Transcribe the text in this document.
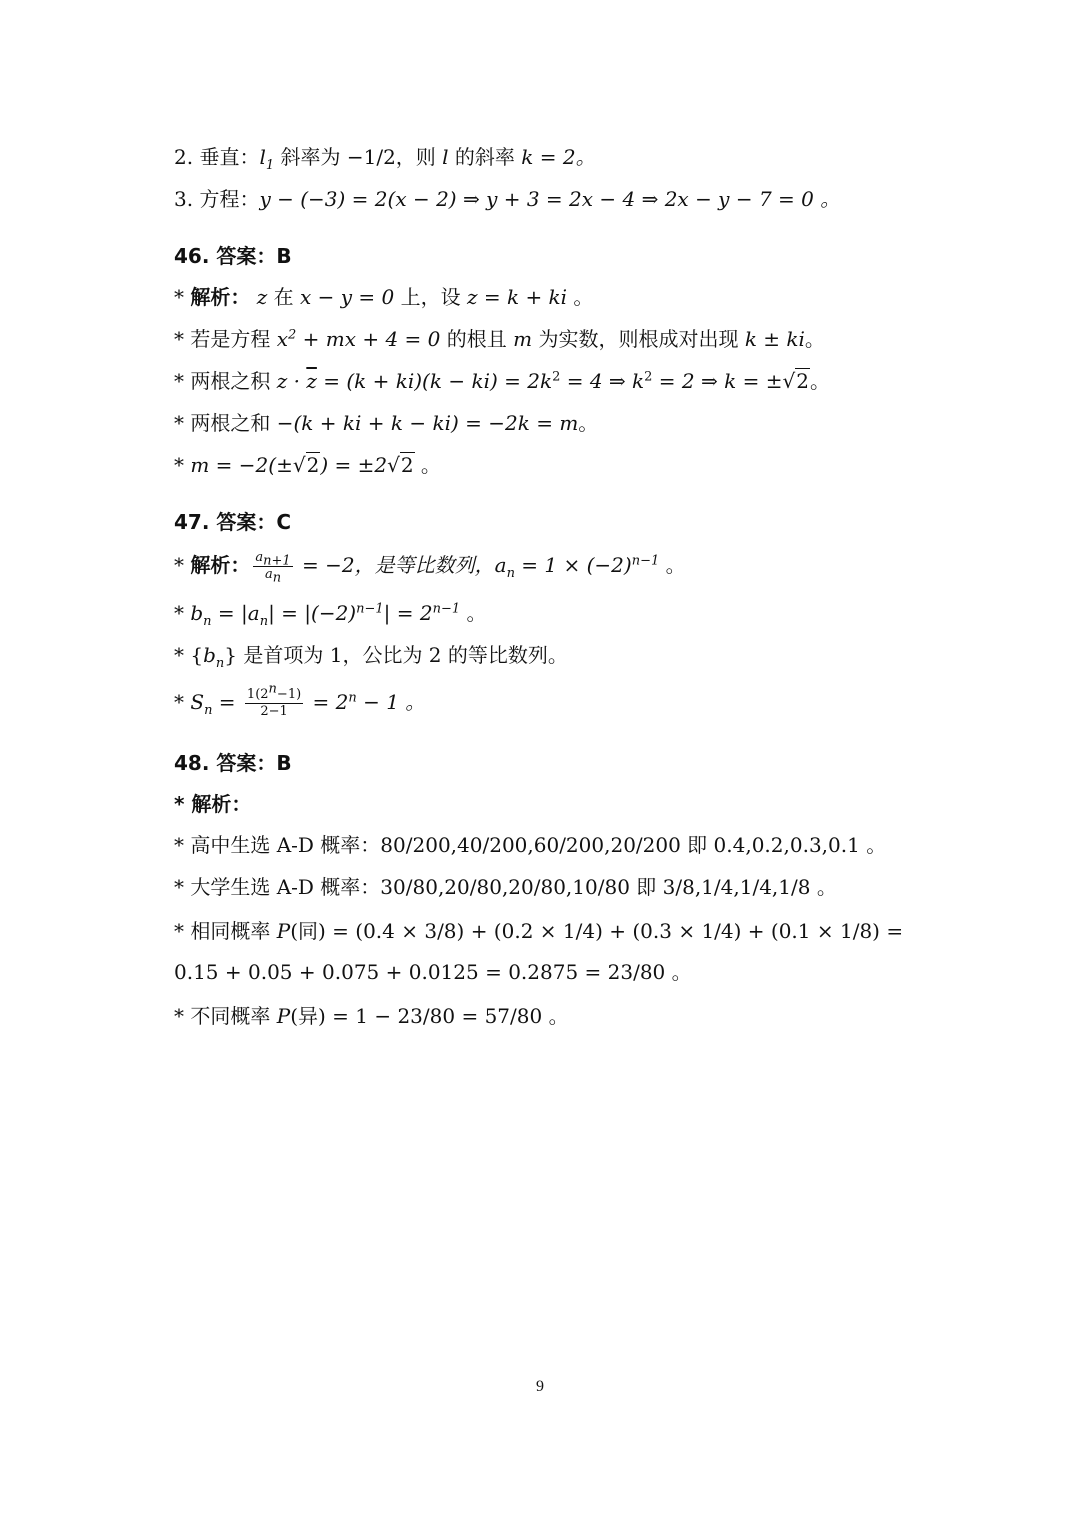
2. 垂直：$l_1$ 斜率为 −1/2，则 l 的斜率 k = 2。
3. 方程：y − (−3) = 2(x − 2) ⇒ y + 3 = 2x − 4 ⇒ 2x − y − 7 = 0 。
46. 答案：B
* 解析： z 在 x − y = 0 上，设 z = k + ki 。
* 若是方程 $x^2$ + mx + 4 = 0 的根且 m 为实数，则根成对出现 k ± ki。
* 两根之积 $z \cdot \overline{z} = (k + ki)(k - ki) = 2k^2 = 4$ ⇒ $k^2 = 2$ ⇒ k = ±√2。
* 两根之和 −(k + ki + k − ki) = −2k = m。
* m = −2(±√2) = ±2√2 。
47. 答案：C
* 解析： $\frac{a_{n+1}}{a_n} = -2$，是等比数列，$a_n = 1 \times (-2)^{n-1}$ 。
* $b_n = |a_n| = |(-2)^{n-1}| = 2^{n-1}$ 。
* $\{b_n\}$ 是首项为 1，公比为 2 的等比数列。
* $S_n = \frac{1(2^n-1)}{2-1} = 2^n - 1$ 。
48. 答案：B
* 解析：
* 高中生选 A-D 概率：80/200,40/200,60/200,20/200 即 0.4,0.2,0.3,0.1 。
* 大学生选 A-D 概率：30/80,20/80,20/80,10/80 即 3/8,1/4,1/4,1/8 。
* 相同概率 P(同) = (0.4 × 3/8) + (0.2 × 1/4) + (0.3 × 1/4) + (0.1 × 1/8) =
0.15 + 0.05 + 0.075 + 0.0125 = 0.2875 = 23/80 。
* 不同概率 P(异) = 1 − 23/80 = 57/80 。
9
